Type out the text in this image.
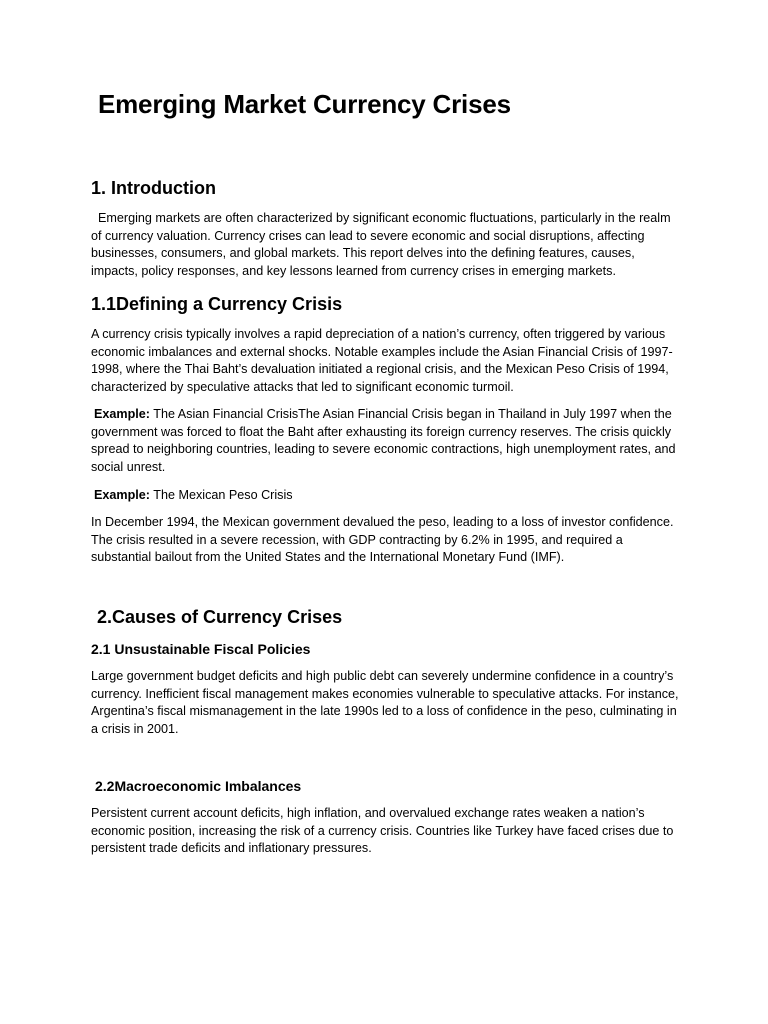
Emerging Market Currency Crises
1. Introduction

Emerging markets are often characterized by significant economic fluctuations, particularly in the realm of currency valuation. Currency crises can lead to severe economic and social disruptions, affecting businesses, consumers, and global markets. This report delves into the defining features, causes, impacts, policy responses, and key lessons learned from currency crises in emerging markets.

1.1Defining a Currency Crisis

A currency crisis typically involves a rapid depreciation of a nation’s currency, often triggered by various economic imbalances and external shocks. Notable examples include the Asian Financial Crisis of 1997-1998, where the Thai Baht’s devaluation initiated a regional crisis, and the Mexican Peso Crisis of 1994, characterized by speculative attacks that led to significant economic turmoil.

Example: The Asian Financial CrisisThe Asian Financial Crisis began in Thailand in July 1997 when the government was forced to float the Baht after exhausting its foreign currency reserves. The crisis quickly spread to neighboring countries, leading to severe economic contractions, high unemployment rates, and social unrest.

Example: The Mexican Peso Crisis

In December 1994, the Mexican government devalued the peso, leading to a loss of investor confidence. The crisis resulted in a severe recession, with GDP contracting by 6.2% in 1995, and required a substantial bailout from the United States and the International Monetary Fund (IMF).

2.Causes of Currency Crises
2.1 Unsustainable Fiscal Policies

Large government budget deficits and high public debt can severely undermine confidence in a country’s currency. Inefficient fiscal management makes economies vulnerable to speculative attacks. For instance, Argentina’s fiscal mismanagement in the late 1990s led to a loss of confidence in the peso, culminating in a crisis in 2001.

2.2Macroeconomic Imbalances

Persistent current account deficits, high inflation, and overvalued exchange rates weaken a nation’s economic position, increasing the risk of a currency crisis. Countries like Turkey have faced crises due to persistent trade deficits and inflationary pressures.
